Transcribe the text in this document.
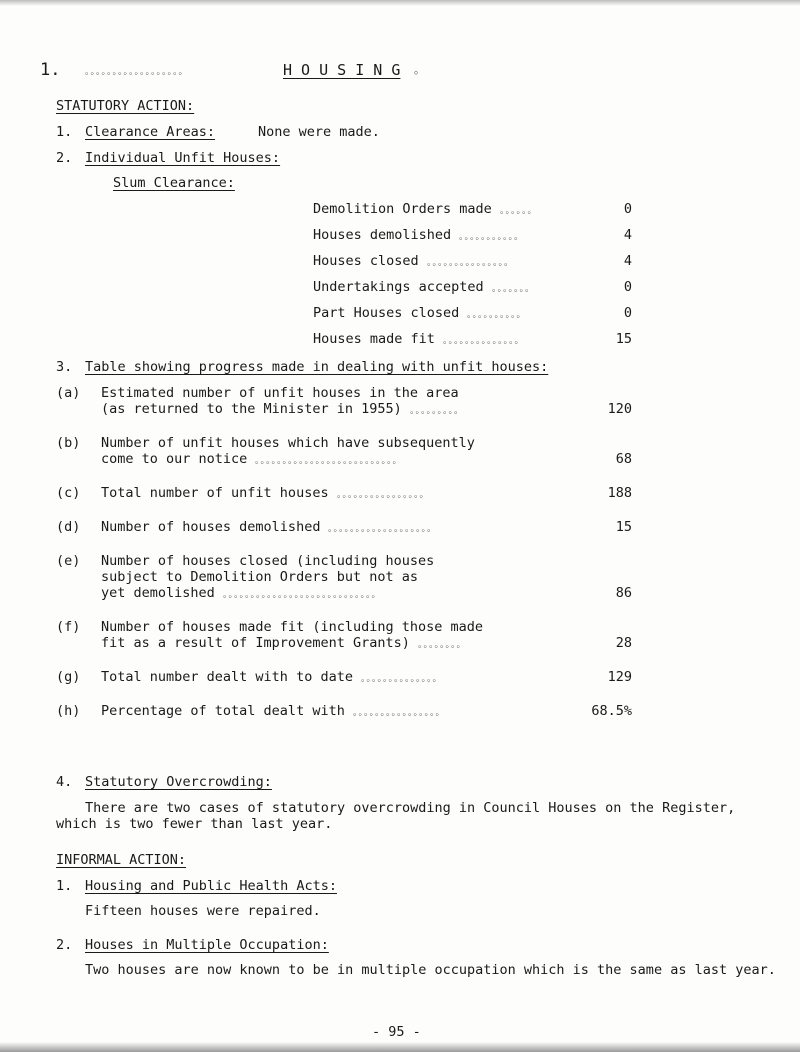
1.	。。。。。。。。。。。。。。。。。。	H O U S I N G 。
STATUTORY ACTION:
1. Clearance Areas:	None were made.
2. Individual Unfit Houses:
Slum Clearance:
Demolition Orders made 。。。。。。	0
Houses demolished 。。。。。。。。。。。	4
Houses closed 。。。。。。。。。。。。。。。	4
Undertakings accepted 。。。。。。。	0
Part Houses closed 。。。。。。。。。。	0
Houses made fit 。。。。。。。。。。。。。。	15
3. Table showing progress made in dealing with unfit houses:
(a) Estimated number of unfit houses in the area
(as returned to the Minister in 1955) 。。。。。。。。。	120
(b) Number of unfit houses which have subsequently
come to our notice 。。。。。。。。。。。。。。。。。。。。。。。。。。	68
(c) Total number of unfit houses 。。。。。。。。。。。。。。。。	188
(d) Number of houses demolished 。。。。。。。。。。。。。。。。。。。	15
(e) Number of houses closed (including houses
subject to Demolition Orders but not as
yet demolished 。。。。。。。。。。。。。。。。。。。。。。。。。。。。	86
(f) Number of houses made fit (including those made
fit as a result of Improvement Grants) 。。。。。。。。	28
(g) Total number dealt with to date 。。。。。。。。。。。。。。	129
(h) Percentage of total dealt with 。。。。。。。。。。。。。。。。	68.5%
4. Statutory Overcrowding:
There are two cases of statutory overcrowding in Council Houses on the Register, which is two fewer than last year.
INFORMAL ACTION:
1. Housing and Public Health Acts:
Fifteen houses were repaired.
2. Houses in Multiple Occupation:
Two houses are now known to be in multiple occupation which is the same as last year.
- 95 -
